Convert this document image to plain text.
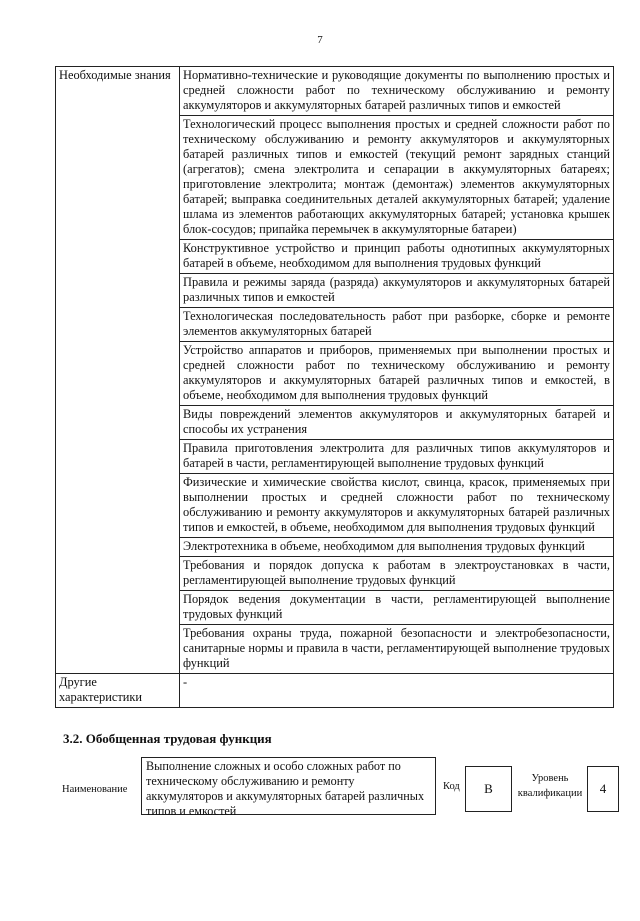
7
Необходимые знания	Нормативно-технические и руководящие документы по выполнению простых и средней сложности работ по техническому обслуживанию и ремонту аккумуляторов и аккумуляторных батарей различных типов и емкостей
	Технологический процесс выполнения простых и средней сложности работ по техническому обслуживанию и ремонту аккумуляторов и аккумуляторных батарей различных типов и емкостей (текущий ремонт зарядных станций (агрегатов); смена электролита и сепарации в аккумуляторных батареях; приготовление электролита; монтаж (демонтаж) элементов аккумуляторных батарей; выправка соединительных деталей аккумуляторных батарей; удаление шлама из элементов работающих аккумуляторных батарей; установка крышек блок-сосудов; припайка перемычек в аккумуляторные батареи)
	Конструктивное устройство и принцип работы однотипных аккумуляторных батарей в объеме, необходимом для выполнения трудовых функций
	Правила и режимы заряда (разряда) аккумуляторов и аккумуляторных батарей различных типов и емкостей
	Технологическая последовательность работ при разборке, сборке и ремонте элементов аккумуляторных батарей
	Устройство аппаратов и приборов, применяемых при выполнении простых и средней сложности работ по техническому обслуживанию и ремонту аккумуляторов и аккумуляторных батарей различных типов и емкостей, в объеме, необходимом для выполнения трудовых функций
	Виды повреждений элементов аккумуляторов и аккумуляторных батарей и способы их устранения
	Правила приготовления электролита для различных типов аккумуляторов и батарей в части, регламентирующей выполнение трудовых функций
	Физические и химические свойства кислот, свинца, красок, применяемых при выполнении простых и средней сложности работ по техническому обслуживанию и ремонту аккумуляторов и аккумуляторных батарей различных типов и емкостей, в объеме, необходимом для выполнения трудовых функций
	Электротехника в объеме, необходимом для выполнения трудовых функций
	Требования и порядок допуска к работам в электроустановках в части, регламентирующей выполнение трудовых функций
	Порядок ведения документации в части, регламентирующей выполнение трудовых функций
	Требования охраны труда, пожарной безопасности и электробезопасности, санитарные нормы и правила в части, регламентирующей выполнение трудовых функций
Другие характеристики	-
3.2. Обобщенная трудовая функция
Наименование
Выполнение сложных и особо сложных работ по техническому обслуживанию и ремонту аккумуляторов и аккумуляторных батарей различных типов и емкостей
Код	B
Уровень квалификации	4
